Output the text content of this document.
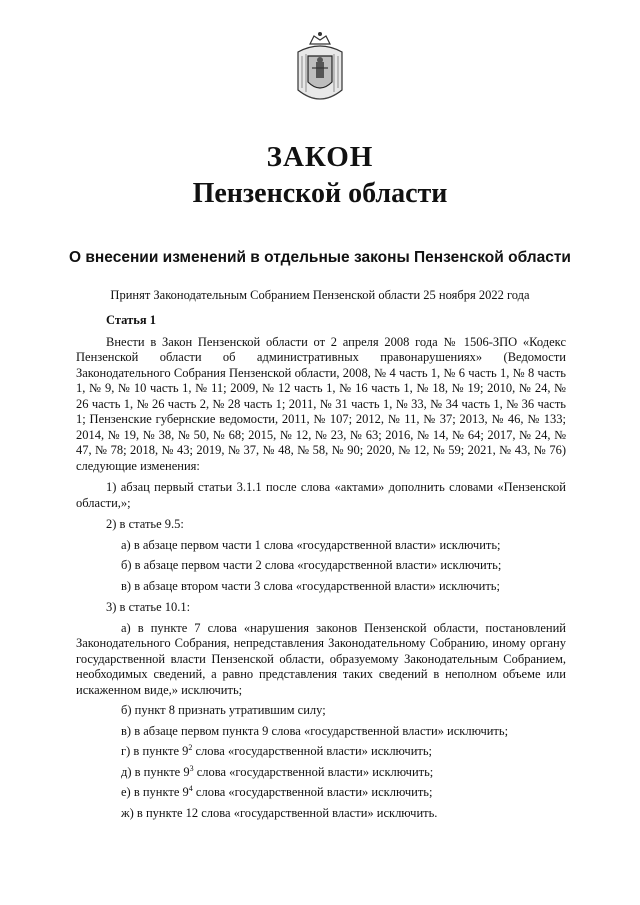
ЗАКОН
Пензенской области
О внесении изменений в отдельные законы Пензенской области

Принят Законодательным Собранием Пензенской области 25 ноября 2022 года

Статья 1

Внести в Закон Пензенской области от 2 апреля 2008 года № 1506-ЗПО «Кодекс Пензенской области об административных правонарушениях» (Ведомости Законодательного Собрания Пензенской области, 2008, № 4 часть 1, № 6 часть 1, № 8 часть 1, № 9, № 10 часть 1, № 11; 2009, № 12 часть 1, № 16 часть 1, № 18, № 19; 2010, № 24, № 26 часть 1, № 26 часть 2, № 28 часть 1; 2011, № 31 часть 1, № 33, № 34 часть 1, № 36 часть 1; Пензенские губернские ведомости, 2011, № 107; 2012, № 11, № 37; 2013, № 46, № 133; 2014, № 19, № 38, № 50, № 68; 2015, № 12, № 23, № 63; 2016, № 14, № 64; 2017, № 24, № 47, № 78; 2018, № 43; 2019, № 37, № 48, № 58, № 90; 2020, № 12, № 59; 2021, № 43, № 76) следующие изменения:

1) абзац первый статьи 3.1.1 после слова «актами» дополнить словами «Пензенской области,»;

2) в статье 9.5:

а) в абзаце первом части 1 слова «государственной власти» исключить;

б) в абзаце первом части 2 слова «государственной власти» исключить;

в) в абзаце втором части 3 слова «государственной власти» исключить;

3) в статье 10.1:

а) в пункте 7 слова «нарушения законов Пензенской области, постановлений Законодательного Собрания, непредставления Законодательному Собранию, иному органу государственной власти Пензенской области, образуемому Законодательным Собранием, необходимых сведений, а равно представления таких сведений в неполном объеме или искаженном виде,» исключить;

б) пункт 8 признать утратившим силу;

в) в абзаце первом пункта 9 слова «государственной власти» исключить;

г) в пункте $9^2$ слова «государственной власти» исключить;

д) в пункте $9^3$ слова «государственной власти» исключить;

е) в пункте $9^4$ слова «государственной власти» исключить;

ж) в пункте 12 слова «государственной власти» исключить.
